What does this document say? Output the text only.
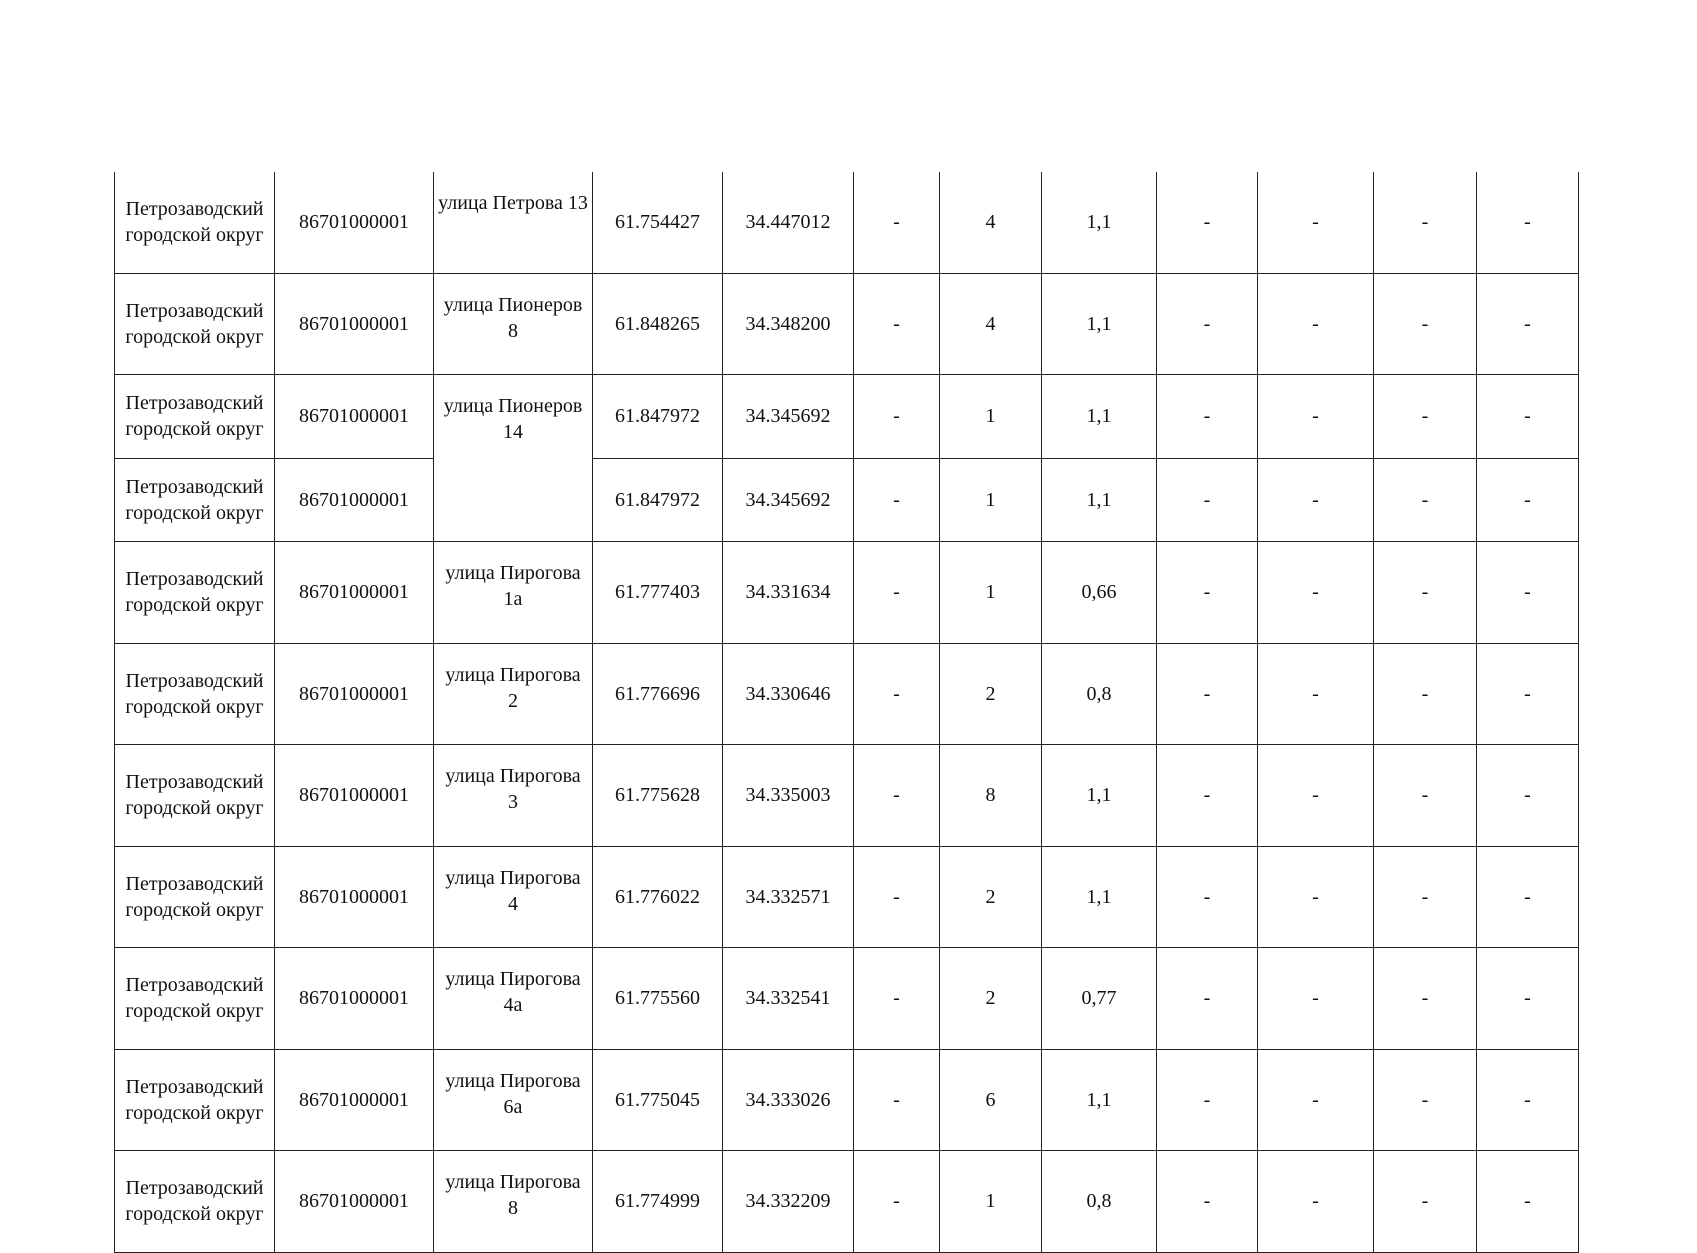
Петрозаводский городской округ	86701000001	улица Петрова 13	61.754427	34.447012	-	4	1,1	-	-	-	-
Петрозаводский городской округ	86701000001	улица Пионеров 8	61.848265	34.348200	-	4	1,1	-	-	-	-
Петрозаводский городской округ	86701000001	улица Пионеров 14	61.847972	34.345692	-	1	1,1	-	-	-	-
Петрозаводский городской округ	86701000001		61.847972	34.345692	-	1	1,1	-	-	-	-
Петрозаводский городской округ	86701000001	улица Пирогова 1а	61.777403	34.331634	-	1	0,66	-	-	-	-
Петрозаводский городской округ	86701000001	улица Пирогова 2	61.776696	34.330646	-	2	0,8	-	-	-	-
Петрозаводский городской округ	86701000001	улица Пирогова 3	61.775628	34.335003	-	8	1,1	-	-	-	-
Петрозаводский городской округ	86701000001	улица Пирогова 4	61.776022	34.332571	-	2	1,1	-	-	-	-
Петрозаводский городской округ	86701000001	улица Пирогова 4а	61.775560	34.332541	-	2	0,77	-	-	-	-
Петрозаводский городской округ	86701000001	улица Пирогова 6а	61.775045	34.333026	-	6	1,1	-	-	-	-
Петрозаводский городской округ	86701000001	улица Пирогова 8	61.774999	34.332209	-	1	0,8	-	-	-	-
